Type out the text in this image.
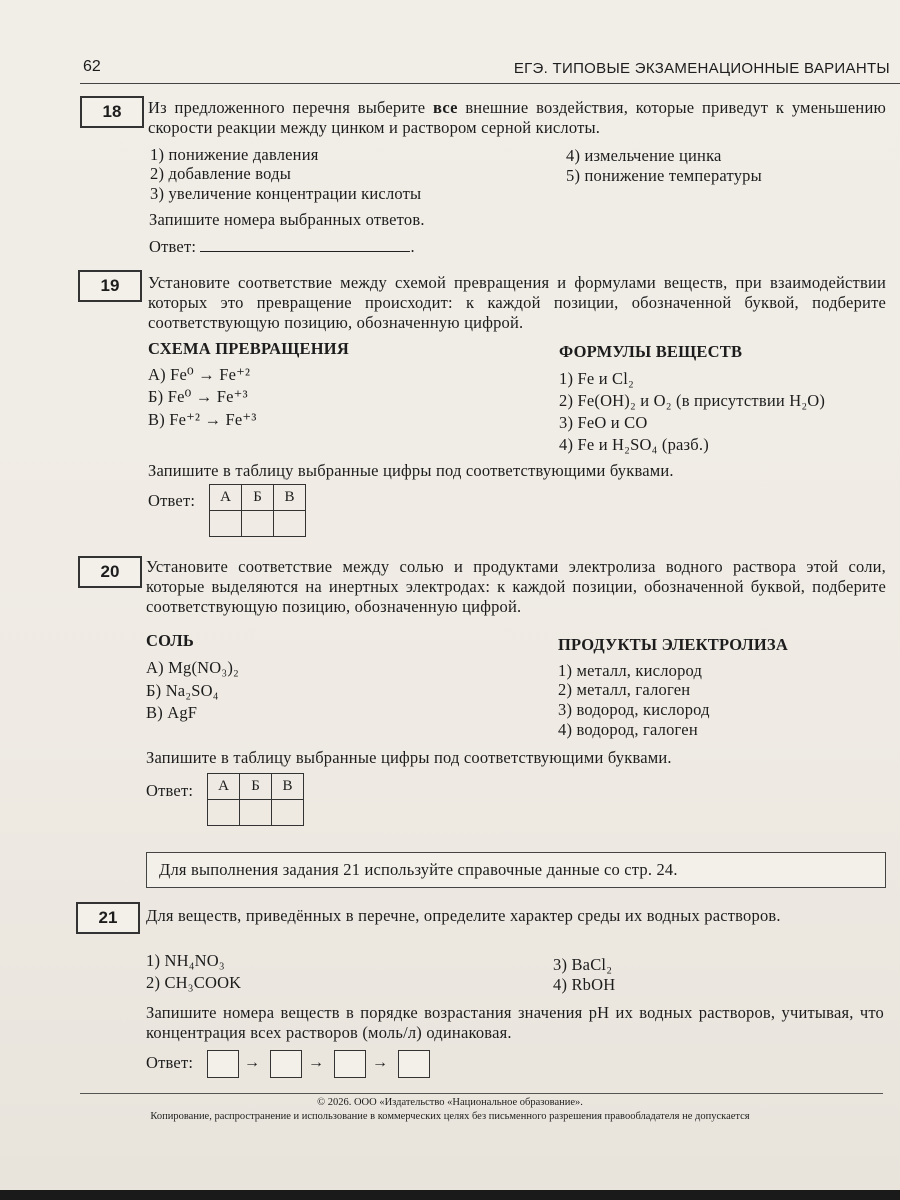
62	ЕГЭ. ТИПОВЫЕ ЭКЗАМЕНАЦИОННЫЕ ВАРИАНТЫ
18	Из предложенного перечня выберите все внешние воздействия, которые приведут к уменьшению скорости реакции между цинком и раствором серной кислоты.
1) понижение давления
2) добавление воды
3) увеличение концентрации кислоты
4) измельчение цинка
5) понижение температуры
Запишите номера выбранных ответов.
Ответ:	.
19	Установите соответствие между схемой превращения и формулами веществ, при взаимодействии которых это превращение происходит: к каждой позиции, обозначенной буквой, подберите соответствующую позицию, обозначенную цифрой.
СХЕМА ПРЕВРАЩЕНИЯ	ФОРМУЛЫ ВЕЩЕСТВ
А) Fe⁰ → Fe⁺²
Б) Fe⁰ → Fe⁺³
В) Fe⁺² → Fe⁺³
1) Fe и Cl₂
2) Fe(OH)₂ и O₂ (в присутствии H₂O)
3) FeO и CO
4) Fe и H₂SO₄ (разб.)
Запишите в таблицу выбранные цифры под соответствующими буквами.
Ответ: А	Б	В

20	Установите соответствие между солью и продуктами электролиза водного раствора этой соли, которые выделяются на инертных электродах: к каждой позиции, обозначенной буквой, подберите соответствующую позицию, обозначенную цифрой.
СОЛЬ	ПРОДУКТЫ ЭЛЕКТРОЛИЗА
А) Mg(NO₃)₂
Б) Na₂SO₄
В) AgF
1) металл, кислород
2) металл, галоген
3) водород, кислород
4) водород, галоген
Запишите в таблицу выбранные цифры под соответствующими буквами.
Ответ: А	Б	В

Для выполнения задания 21 используйте справочные данные со стр. 24.
21	Для веществ, приведённых в перечне, определите характер среды их водных растворов.
1) NH₄NO₃
2) CH₃COOK
3) BaCl₂
4) RbOH
Запишите номера веществ в порядке возрастания значения pH их водных растворов, учитывая, что концентрация всех растворов (моль/л) одинаковая.
Ответ:	→	→	→
© 2026. ООО «Издательство «Национальное образование».
Копирование, распространение и использование в коммерческих целях без письменного разрешения правообладателя не допускается
